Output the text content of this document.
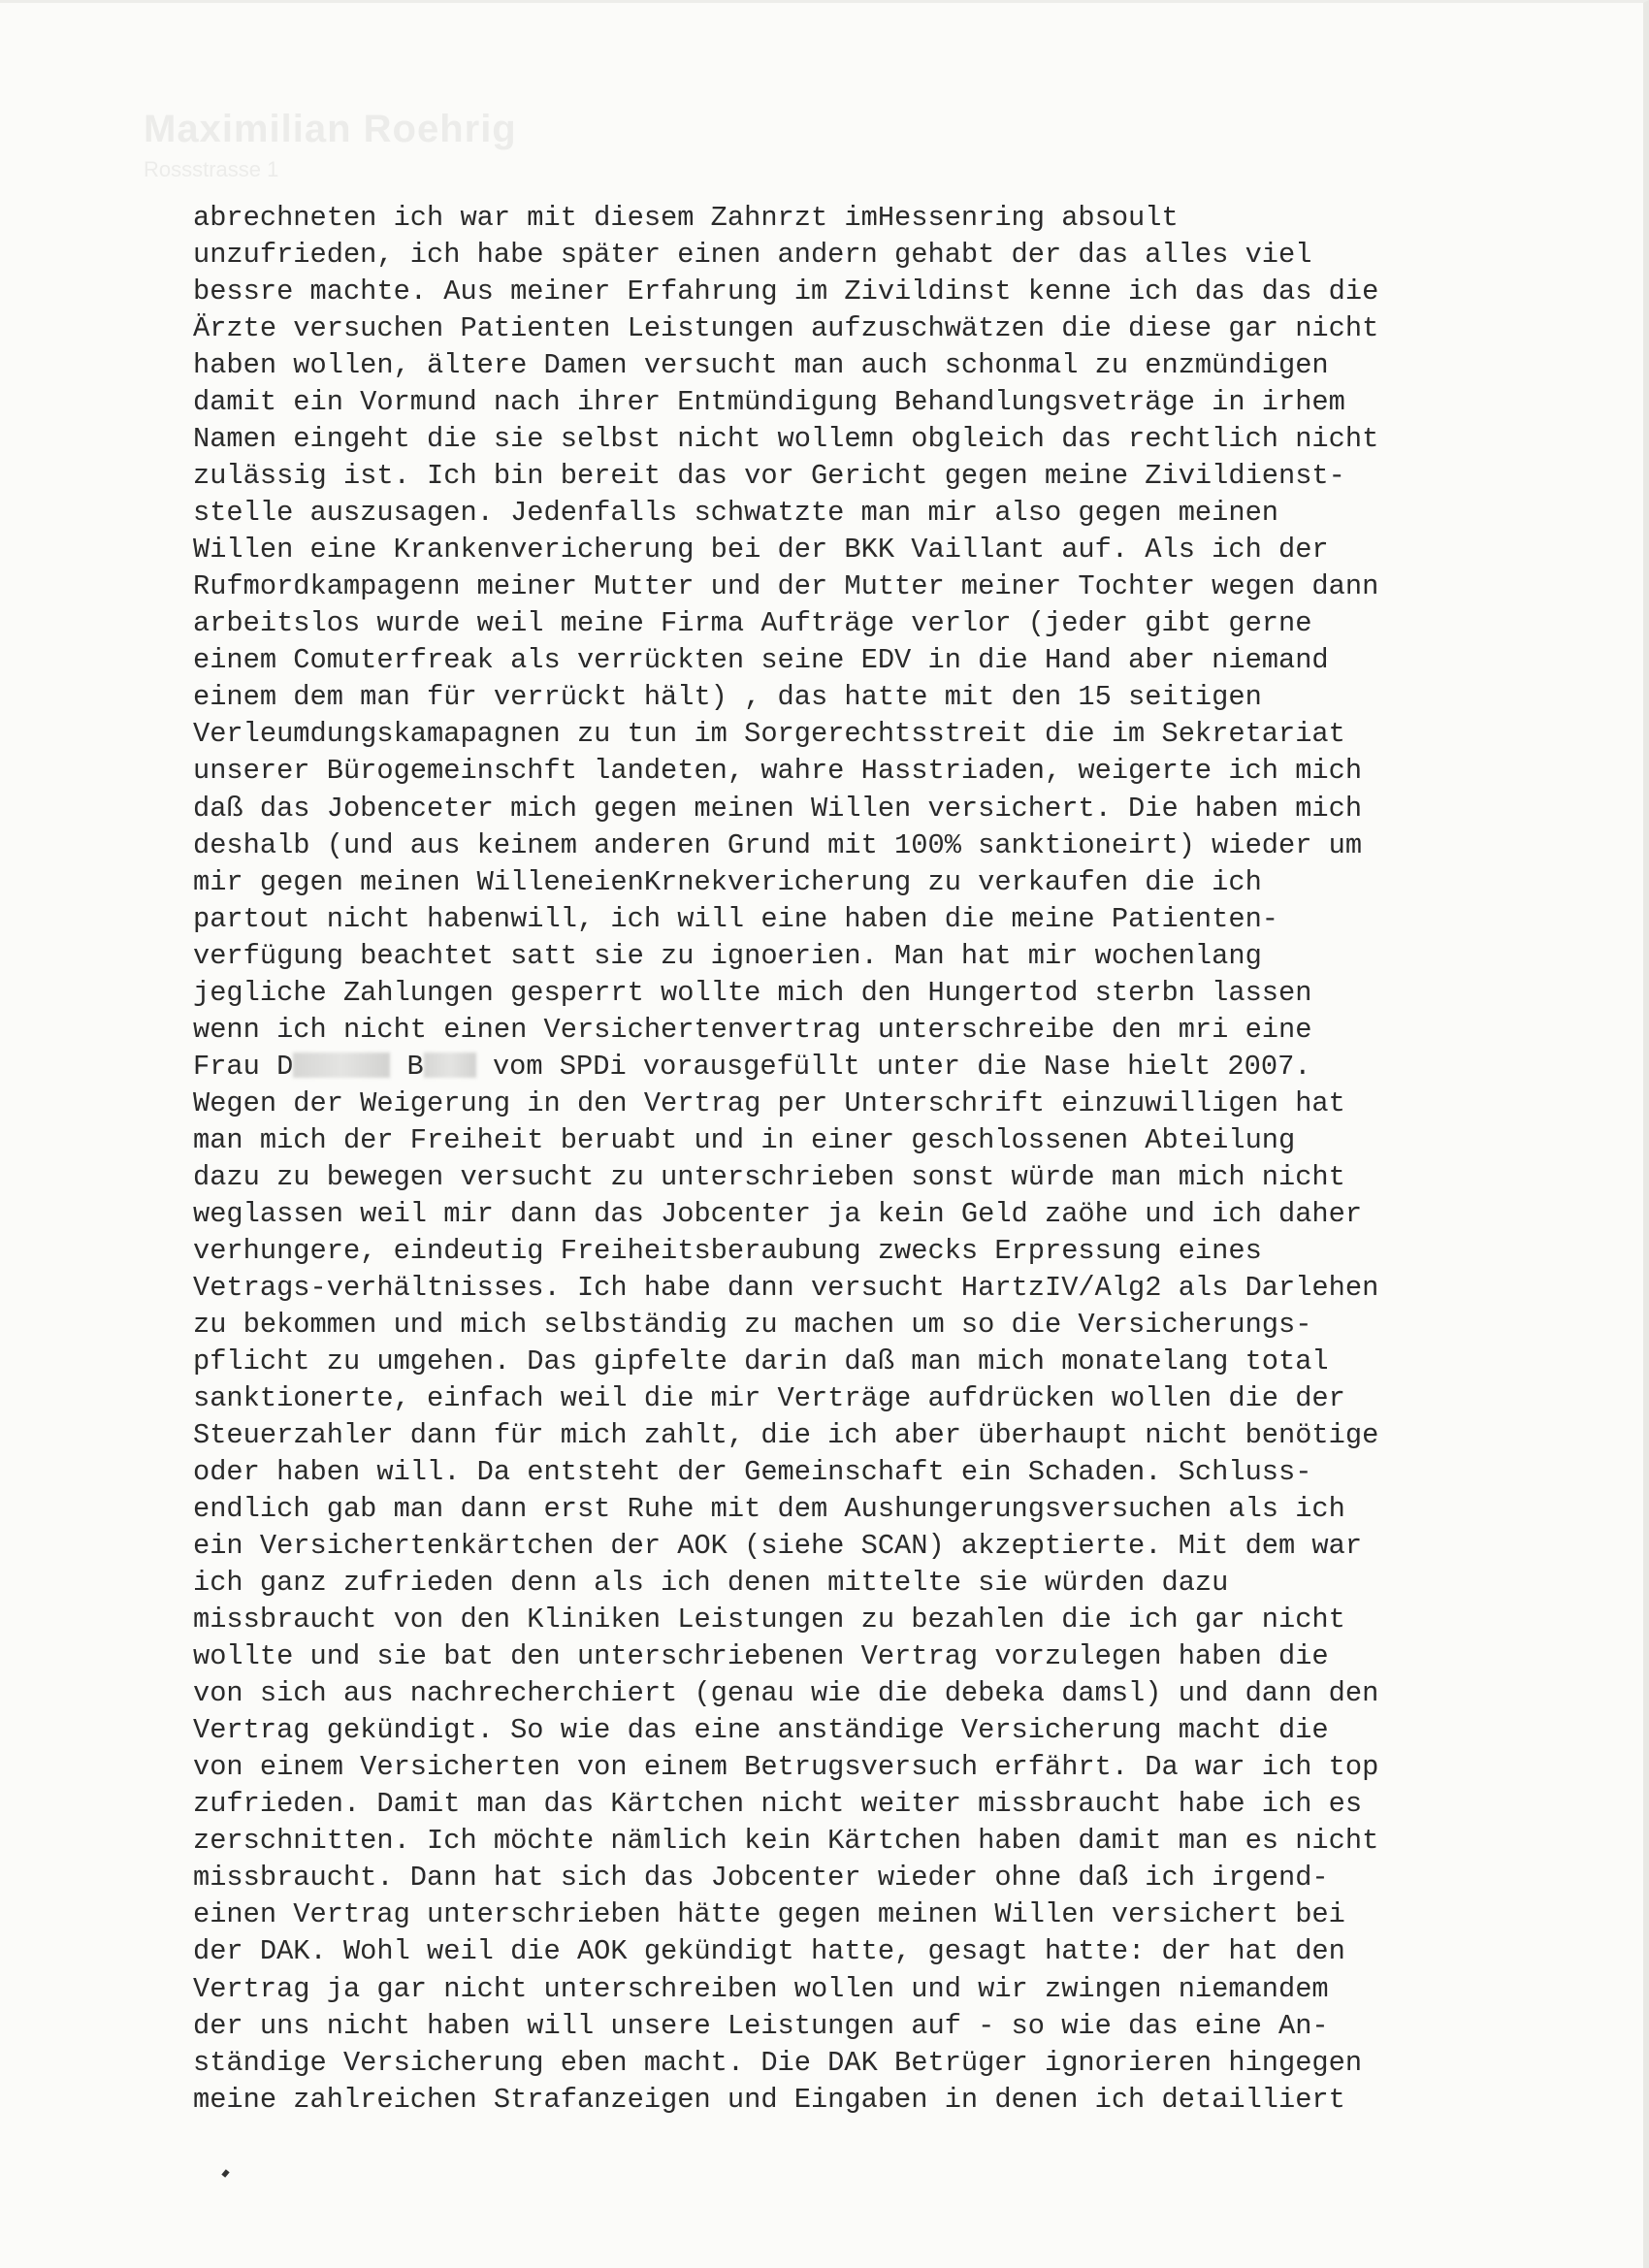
Maximilian Roehrig
Rossstrasse 1
abrechneten ich war mit diesem Zahnrzt imHessenring absoult
unzufrieden, ich habe später einen andern gehabt der das alles viel
bessre machte. Aus meiner Erfahrung im Zivildinst kenne ich das das die
Ärzte versuchen Patienten Leistungen aufzuschwätzen die diese gar nicht
haben wollen, ältere Damen versucht man auch schonmal zu enzmündigen
damit ein Vormund nach ihrer Entmündigung Behandlungsveträge in irhem
Namen eingeht die sie selbst nicht wollemn obgleich das rechtlich nicht
zulässig ist. Ich bin bereit das vor Gericht gegen meine Zivildienst-
stelle auszusagen. Jedenfalls schwatzte man mir also gegen meinen
Willen eine Krankenvericherung bei der BKK Vaillant auf. Als ich der
Rufmordkampagenn meiner Mutter und der Mutter meiner Tochter wegen dann
arbeitslos wurde weil meine Firma Aufträge verlor (jeder gibt gerne
einem Comuterfreak als verrückten seine EDV in die Hand aber niemand
einem dem man für verrückt hält) , das hatte mit den 15 seitigen
Verleumdungskamapagnen zu tun im Sorgerechtsstreit die im Sekretariat
unserer Bürogemeinschft landeten, wahre Hasstriaden, weigerte ich mich
daß das Jobenceter mich gegen meinen Willen versichert. Die haben mich
deshalb (und aus keinem anderen Grund mit 100% sanktioneirt) wieder um
mir gegen meinen WilleneienKrnekvericherung zu verkaufen die ich
partout nicht habenwill, ich will eine haben die meine Patienten-
verfügung beachtet satt sie zu ignoerien. Man hat mir wochenlang
jegliche Zahlungen gesperrt wollte mich den Hungertod sterbn lassen
wenn ich nicht einen Versichertenvertrag unterschreibe den mri eine
Frau D	B vom SPDi vorausgefüllt unter die Nase hielt 2007.
Wegen der Weigerung in den Vertrag per Unterschrift einzuwilligen hat
man mich der Freiheit beruabt und in einer geschlossenen Abteilung
dazu zu bewegen versucht zu unterschrieben sonst würde man mich nicht
weglassen weil mir dann das Jobcenter ja kein Geld zaöhe und ich daher
verhungere, eindeutig Freiheitsberaubung zwecks Erpressung eines
Vetrags-verhältnisses. Ich habe dann versucht HartzIV/Alg2 als Darlehen
zu bekommen und mich selbständig zu machen um so die Versicherungs-
pflicht zu umgehen. Das gipfelte darin daß man mich monatelang total
sanktionerte, einfach weil die mir Verträge aufdrücken wollen die der
Steuerzahler dann für mich zahlt, die ich aber überhaupt nicht benötige
oder haben will. Da entsteht der Gemeinschaft ein Schaden. Schluss-
endlich gab man dann erst Ruhe mit dem Aushungerungsversuchen als ich
ein Versichertenkärtchen der AOK (siehe SCAN) akzeptierte. Mit dem war
ich ganz zufrieden denn als ich denen mittelte sie würden dazu
missbraucht von den Kliniken Leistungen zu bezahlen die ich gar nicht
wollte und sie bat den unterschriebenen Vertrag vorzulegen haben die
von sich aus nachrecherchiert (genau wie die debeka damsl) und dann den
Vertrag gekündigt. So wie das eine anständige Versicherung macht die
von einem Versicherten von einem Betrugsversuch erfährt. Da war ich top
zufrieden. Damit man das Kärtchen nicht weiter missbraucht habe ich es
zerschnitten. Ich möchte nämlich kein Kärtchen haben damit man es nicht
missbraucht. Dann hat sich das Jobcenter wieder ohne daß ich irgend-
einen Vertrag unterschrieben hätte gegen meinen Willen versichert bei
der DAK. Wohl weil die AOK gekündigt hatte, gesagt hatte: der hat den
Vertrag ja gar nicht unterschreiben wollen und wir zwingen niemandem
der uns nicht haben will unsere Leistungen auf - so wie das eine An-
ständige Versicherung eben macht. Die DAK Betrüger ignorieren hingegen
meine zahlreichen Strafanzeigen und Eingaben in denen ich detailliert
